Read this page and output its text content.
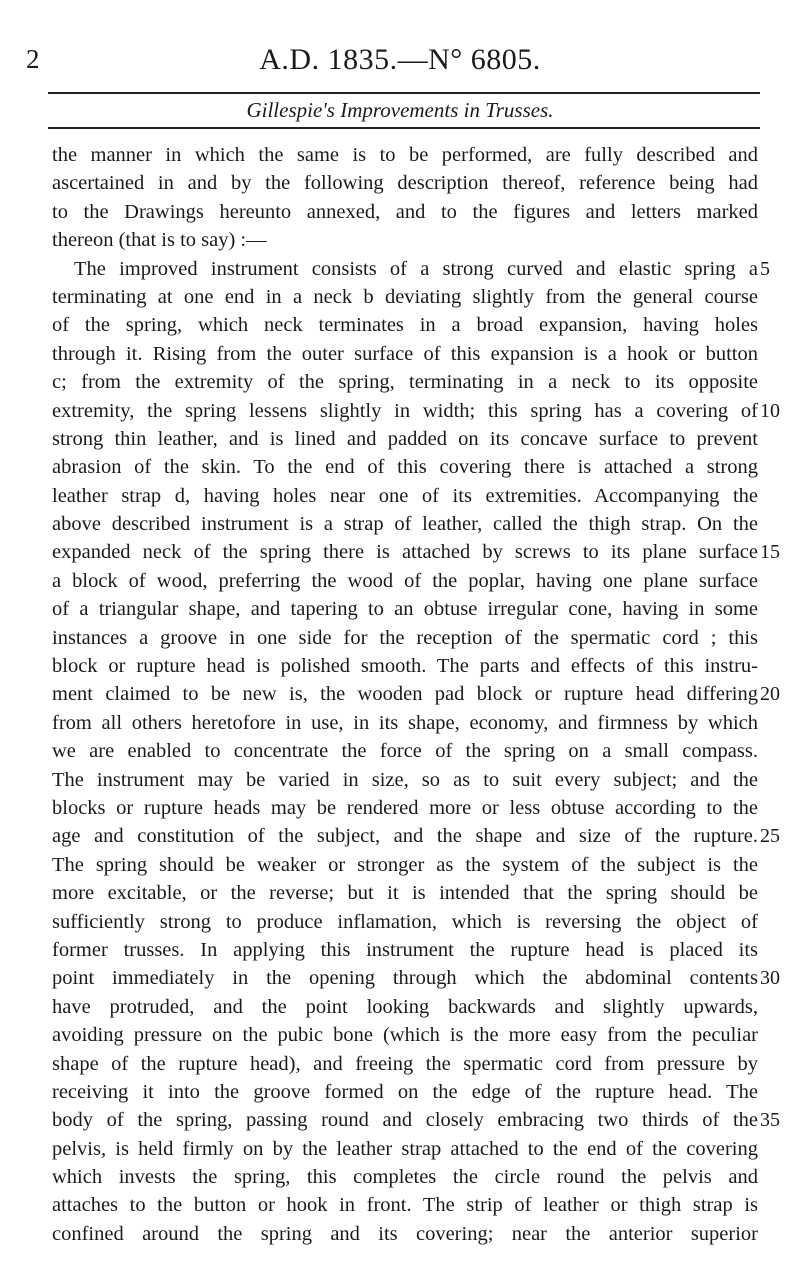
2	A.D. 1835.—N° 6805.
Gillespie's Improvements in Trusses.
the manner in which the same is to be performed, are fully described and
ascertained in and by the following description thereof, reference being had
to the Drawings hereunto annexed, and to the figures and letters marked
thereon (that is to say) :—
The improved instrument consists of a strong curved and elastic spring a 5
terminating at one end in a neck b deviating slightly from the general course
of the spring, which neck terminates in a broad expansion, having holes
through it. Rising from the outer surface of this expansion is a hook or button
c; from the extremity of the spring, terminating in a neck to its opposite
extremity, the spring lessens slightly in width; this spring has a covering of 10
strong thin leather, and is lined and padded on its concave surface to prevent
abrasion of the skin. To the end of this covering there is attached a strong
leather strap d, having holes near one of its extremities. Accompanying the
above described instrument is a strap of leather, called the thigh strap. On the
expanded neck of the spring there is attached by screws to its plane surface 15
a block of wood, preferring the wood of the poplar, having one plane surface
of a triangular shape, and tapering to an obtuse irregular cone, having in some
instances a groove in one side for the reception of the spermatic cord ; this
block or rupture head is polished smooth. The parts and effects of this instru-
ment claimed to be new is, the wooden pad block or rupture head differing 20
from all others heretofore in use, in its shape, economy, and firmness by which
we are enabled to concentrate the force of the spring on a small compass.
The instrument may be varied in size, so as to suit every subject; and the
blocks or rupture heads may be rendered more or less obtuse according to the
age and constitution of the subject, and the shape and size of the rupture. 25
The spring should be weaker or stronger as the system of the subject is the
more excitable, or the reverse; but it is intended that the spring should be
sufficiently strong to produce inflamation, which is reversing the object of
former trusses. In applying this instrument the rupture head is placed its
point immediately in the opening through which the abdominal contents 30
have protruded, and the point looking backwards and slightly upwards,
avoiding pressure on the pubic bone (which is the more easy from the peculiar
shape of the rupture head), and freeing the spermatic cord from pressure by
receiving it into the groove formed on the edge of the rupture head. The
body of the spring, passing round and closely embracing two thirds of the 35
pelvis, is held firmly on by the leather strap attached to the end of the covering
which invests the spring, this completes the circle round the pelvis and
attaches to the button or hook in front. The strip of leather or thigh strap is
confined around the spring and its covering; near the anterior superior
